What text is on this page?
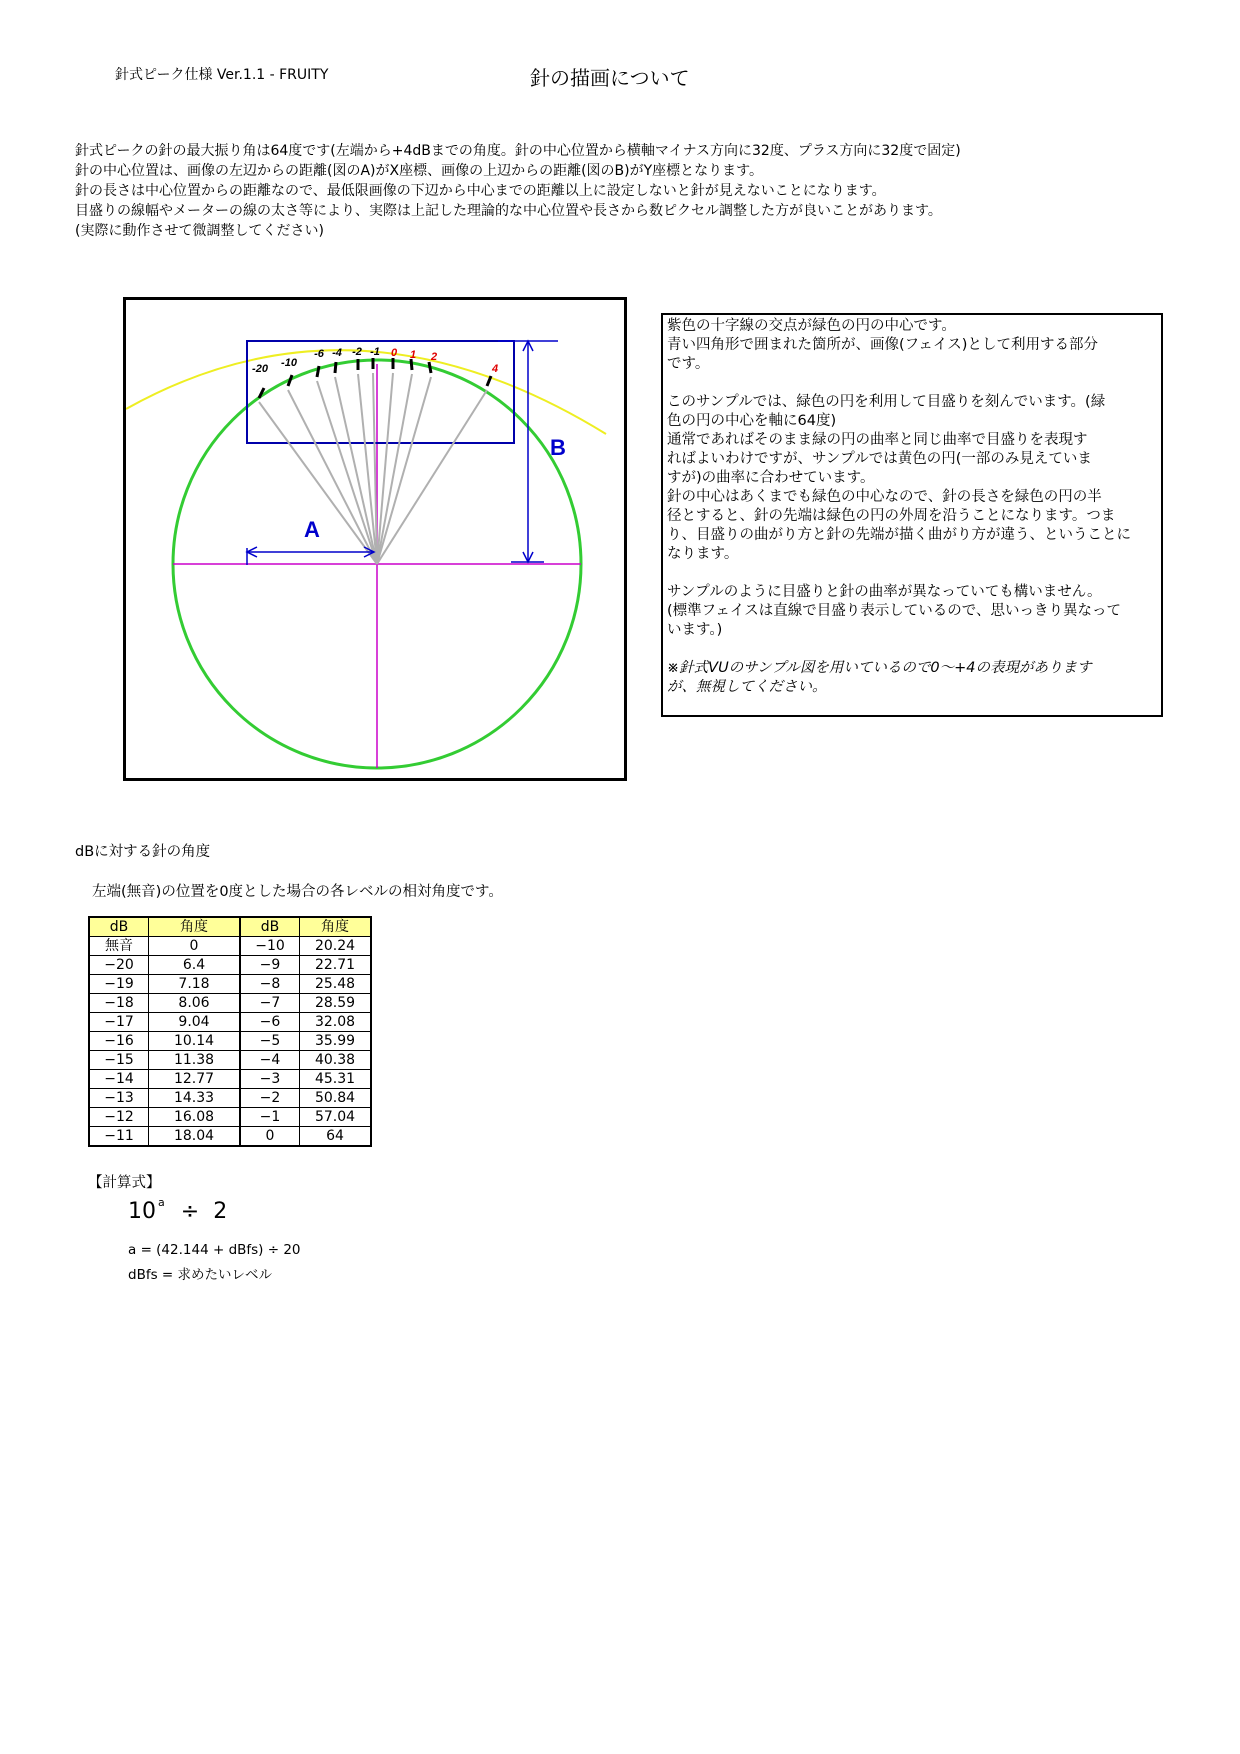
針式ピーク仕様 Ver.1.1 - FRUITY	針の描画について
針式ピークの針の最大振り角は64度です(左端から+4dBまでの角度。針の中心位置から横軸マイナス方向に32度、プラス方向に32度で固定)
針の中心位置は、画像の左辺からの距離(図のA)がX座標、画像の上辺からの距離(図のB)がY座標となります。
針の長さは中心位置からの距離なので、最低限画像の下辺から中心までの距離以上に設定しないと針が見えないことになります。
目盛りの線幅やメーターの線の太さ等により、実際は上記した理論的な中心位置や長さから数ピクセル調整した方が良いことがあります。
(実際に動作させて微調整してください)
-20 -10
-6 -4 -2 -1 0 1 2
4
A
B

紫色の十字線の交点が緑色の円の中心です。

青い四角形で囲まれた箇所が、画像(フェイス)として利用する部分

です。

このサンプルでは、緑色の円を利用して目盛りを刻んでいます。(緑

色の円の中心を軸に64度)

通常であればそのまま緑の円の曲率と同じ曲率で目盛りを表現す

ればよいわけですが、サンプルでは黄色の円(一部のみ見えていま

すが)の曲率に合わせています。

針の中心はあくまでも緑色の中心なので、針の長さを緑色の円の半

径とすると、針の先端は緑色の円の外周を沿うことになります。つま

り、目盛りの曲がり方と針の先端が描く曲がり方が違う、ということに

なります。

サンプルのように目盛りと針の曲率が異なっていても構いません。

(標準フェイスは直線で目盛り表示しているので、思いっきり異なって

います。)

※針式VUのサンプル図を用いているので0〜+4の表現があります

が、無視してください。

dBに対する針の角度
左端(無音)の位置を0度とした場合の各レベルの相対角度です。
dB	角度	dB	角度
無音	0	−10	20.24
−20	6.4	−9	22.71
−19	7.18	−8	25.48
−18	8.06	−7	28.59
−17	9.04	−6	32.08
−16	10.14	−5	35.99
−15	11.38	−4	40.38
−14	12.77	−3	45.31
−13	14.33	−2	50.84
−12	16.08	−1	57.04
−11	18.04	0	64
【計算式】
10 $^a$ ÷ 2
a = (42.144 + dBfs) ÷ 20
dBfs = 求めたいレベル
